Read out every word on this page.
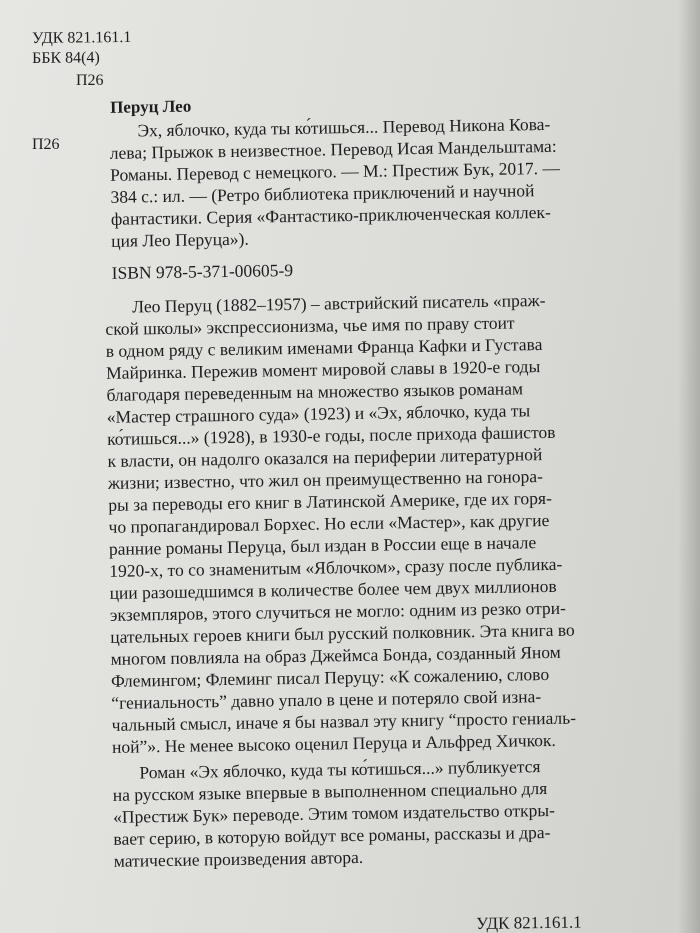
УДК 821.161.1
ББК 84(4)
П26
П26
Перуц Лео
Эх, яблочко, куда ты ко́тишься... Перевод Никона Кова-
лева; Прыжок в неизвестное. Перевод Исая Мандельштама:
Романы. Перевод с немецкого. — М.: Престиж Бук, 2017. —
384 с.: ил. — (Ретро библиотека приключений и научной
фантастики. Серия «Фантастико-приключенческая коллек-
ция Лео Перуца»).
ISBN 978-5-371-00605-9
Лео Перуц (1882–1957) – австрийский писатель «праж-
ской школы» экспрессионизма, чье имя по праву стоит
в одном ряду с великим именами Франца Кафки и Густава
Майринка. Пережив момент мировой славы в 1920-е годы
благодаря переведенным на множество языков романам
«Мастер страшного суда» (1923) и «Эх, яблочко, куда ты
ко́тишься...» (1928), в 1930-е годы, после прихода фашистов
к власти, он надолго оказался на периферии литературной
жизни; известно, что жил он преимущественно на гонора-
ры за переводы его книг в Латинской Америке, где их горя-
чо пропагандировал Борхес. Но если «Мастер», как другие
ранние романы Перуца, был издан в России еще в начале
1920-х, то со знаменитым «Яблочком», сразу после публика-
ции разошедшимся в количестве более чем двух миллионов
экземпляров, этого случиться не могло: одним из резко отри-
цательных героев книги был русский полковник. Эта книга во
многом повлияла на образ Джеймса Бонда, созданный Яном
Флемингом; Флеминг писал Перуцу: «К сожалению, слово
“гениальность” давно упало в цене и потеряло свой изна-
чальный смысл, иначе я бы назвал эту книгу “просто гениаль-
ной”». Не менее высоко оценил Перуца и Альфред Хичкок.
Роман «Эх яблочко, куда ты ко́тишься...» публикуется
на русском языке впервые в выполненном специально для
«Престиж Бук» переводе. Этим томом издательство откры-
вает серию, в которую войдут все романы, рассказы и дра-
матические произведения автора.
УДК 821.161.1
